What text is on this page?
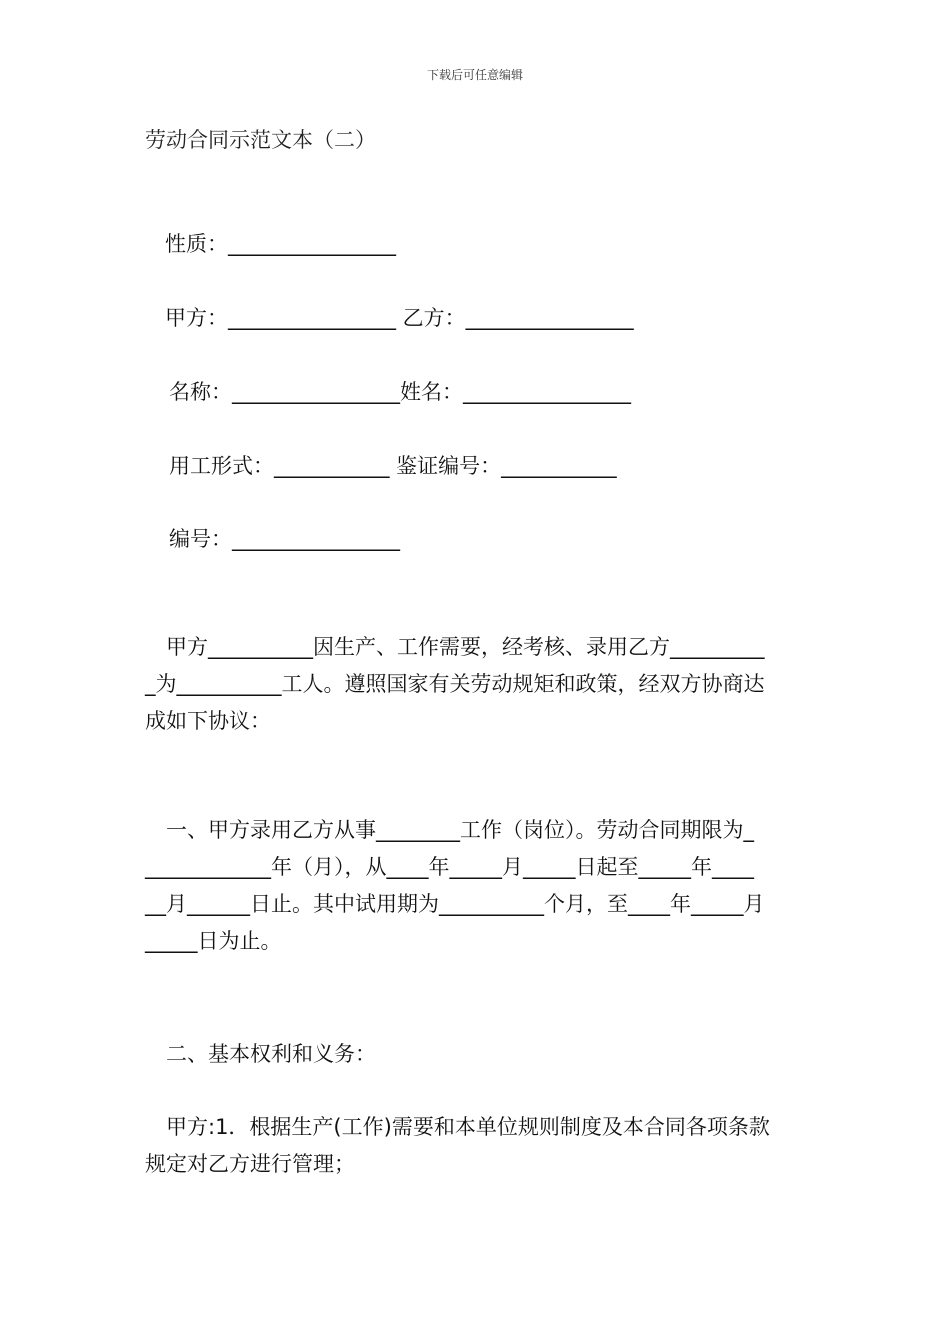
下载后可任意编辑
劳动合同示范文本（二）
性质：________________
甲方：________________ 乙方：________________
名称：________________姓名：________________
用工形式：___________ 鉴证编号：___________
编号：________________
　甲方__________因生产、工作需要，经考核、录用乙方_________
_为__________工人。遵照国家有关劳动规矩和政策，经双方协商达
成如下协议：
　一、甲方录用乙方从事________工作（岗位）。劳动合同期限为_
____________年（月），从____年_____月_____日起至_____年____
__月______日止。其中试用期为__________个月，至____年_____月
_____日为止。
　二、基本权利和义务：
　甲方:1．根据生产(工作)需要和本单位规则制度及本合同各项条款
规定对乙方进行管理；
